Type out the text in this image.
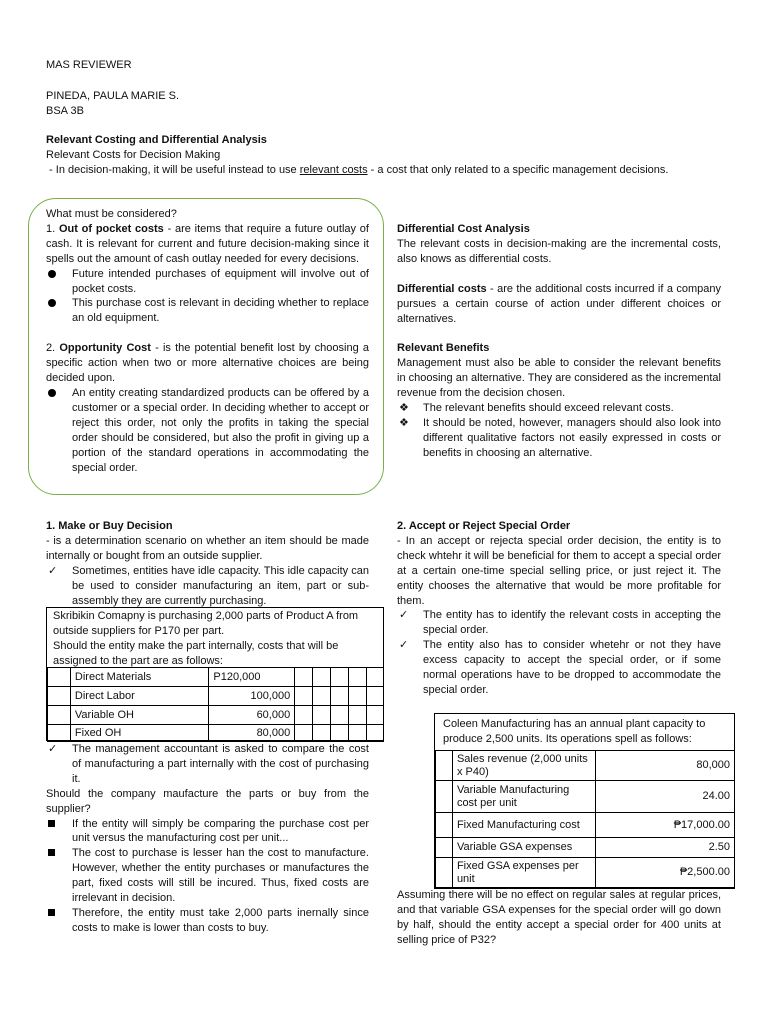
MAS REVIEWER
PINEDA, PAULA MARIE S.
BSA 3B
Relevant Costing and Differential Analysis
Relevant Costs for Decision Making
- In decision-making, it will be useful instead to use relevant costs - a cost that only related to a specific management decisions.

What must be considered?

1. Out of pocket costs - are items that require a future outlay of cash. It is relevant for current and future decision-making since it spells out the amount of cash outlay needed for every decisions.

Future intended purchases of equipment will involve out of pocket costs.
This purchase cost is relevant in deciding whether to replace an old equipment.

2. Opportunity Cost - is the potential benefit lost by choosing a specific action when two or more alternative choices are being decided upon.

An entity creating standardized products can be offered by a customer or a special order. In deciding whether to accept or reject this order, not only the profits in taking the special order should be considered, but also the profit in giving up a portion of the standard operations in accommodating the special order.

Differential Cost Analysis

The relevant costs in decision-making are the incremental costs, also knows as differential costs.

Differential costs - are the additional costs incurred if a company pursues a certain course of action under different choices or alternatives.

Relevant Benefits

Management must also be able to consider the relevant benefits in choosing an alternative. They are considered as the incremental revenue from the decision chosen.

❖ The relevant benefits should exceed relevant costs.
❖ It should be noted, however, managers should also look into different qualitative factors not easily expressed in costs or benefits in choosing an alternative.

1. Make or Buy Decision

- is a determination scenario on whether an item should be made internally or bought from an outside supplier.

✓ Sometimes, entities have idle capacity. This idle capacity can be used to consider manufacturing an item, part or sub-assembly they are currently purchasing.

Skribikin Comapny is purchasing 2,000 parts of Product A from outside suppliers for P170 per part.

Should the entity make the part internally, costs that will be assigned to the part are as follows:

	Direct Materials	P120,000					
	Direct Labor	100,000					
	Variable OH	60,000					
	Fixed OH	80,000					
✓ The management accountant is asked to compare the cost of manufacturing a part internally with the cost of purchasing it.

Should the company maufacture the parts or buy from the supplier?

If the entity will simply be comparing the purchase cost per unit versus the manufacturing cost per unit...
The cost to purchase is lesser han the cost to manufacture. However, whether the entity purchases or manufactures the part, fixed costs will still be incured. Thus, fixed costs are irrelevant in decision.
Therefore, the entity must take 2,000 parts inernally since costs to make is lower than costs to buy.

2. Accept or Reject Special Order

- In an accept or rejecta special order decision, the entity is to check whtehr it will be beneficial for them to accept a special order at a certain one-time special selling price, or just reject it. The entity chooses the alternative that would be more profitable for them.

✓ The entity has to identify the relevant costs in accepting the special order.
✓ The entity also has to consider whetehr or not they have excess capacity to accept the special order, or if some normal operations have to be dropped to accommodate the special order.

Coleen Manufacturing has an annual plant capacity to produce 2,500 units. Its operations spell as follows:

	Sales revenue (2,000 units x P40)	80,000
	Variable Manufacturing cost per unit	24.00
	Fixed Manufacturing cost	₱17,000.00
	Variable GSA expenses	2.50
	Fixed GSA expenses per unit	₱2,500.00
Assuming there will be no effect on regular sales at regular prices, and that variable GSA expenses for the special order will go down by half, should the entity accept a special order for 400 units at selling price of P32?
